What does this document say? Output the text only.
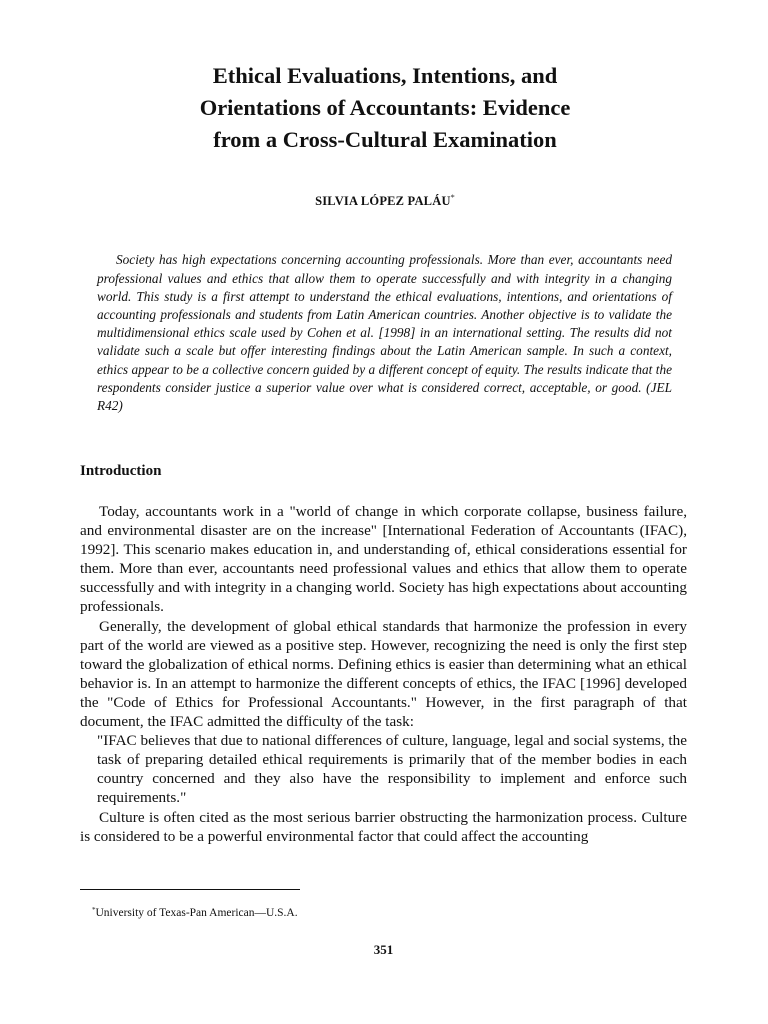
Ethical Evaluations, Intentions, and
Orientations of Accountants: Evidence
from a Cross-Cultural Examination
SILVIA LÓPEZ PALÁU*

Society has high expectations concerning accounting professionals. More than ever, accountants need professional values and ethics that allow them to operate successfully and with integrity in a changing world. This study is a first attempt to understand the ethical evaluations, intentions, and orientations of accounting professionals and students from Latin American countries. Another objective is to validate the multidimensional ethics scale used by Cohen et al. [1998] in an international setting. The results did not validate such a scale but offer interesting findings about the Latin American sample. In such a context, ethics appear to be a collective concern guided by a different concept of equity. The results indicate that the respondents consider justice a superior value over what is considered correct, acceptable, or good. (JEL R42)

Introduction

Today, accountants work in a "world of change in which corporate collapse, business failure, and environmental disaster are on the increase" [International Federation of Accountants (IFAC), 1992]. This scenario makes education in, and understanding of, ethical considerations essential for them. More than ever, accountants need professional values and ethics that allow them to operate successfully and with integrity in a changing world. Society has high expectations about accounting professionals.

Generally, the development of global ethical standards that harmonize the profession in every part of the world are viewed as a positive step. However, recognizing the need is only the first step toward the globalization of ethical norms. Defining ethics is easier than determining what an ethical behavior is. In an attempt to harmonize the different concepts of ethics, the IFAC [1996] developed the "Code of Ethics for Professional Accountants." However, in the first paragraph of that document, the IFAC admitted the difficulty of the task:

"IFAC believes that due to national differences of culture, language, legal and social systems, the task of preparing detailed ethical requirements is primarily that of the member bodies in each country concerned and they also have the responsibility to implement and enforce such requirements."

Culture is often cited as the most serious barrier obstructing the harmonization process. Culture is considered to be a powerful environmental factor that could affect the accounting

*University of Texas-Pan American—U.S.A.
351
